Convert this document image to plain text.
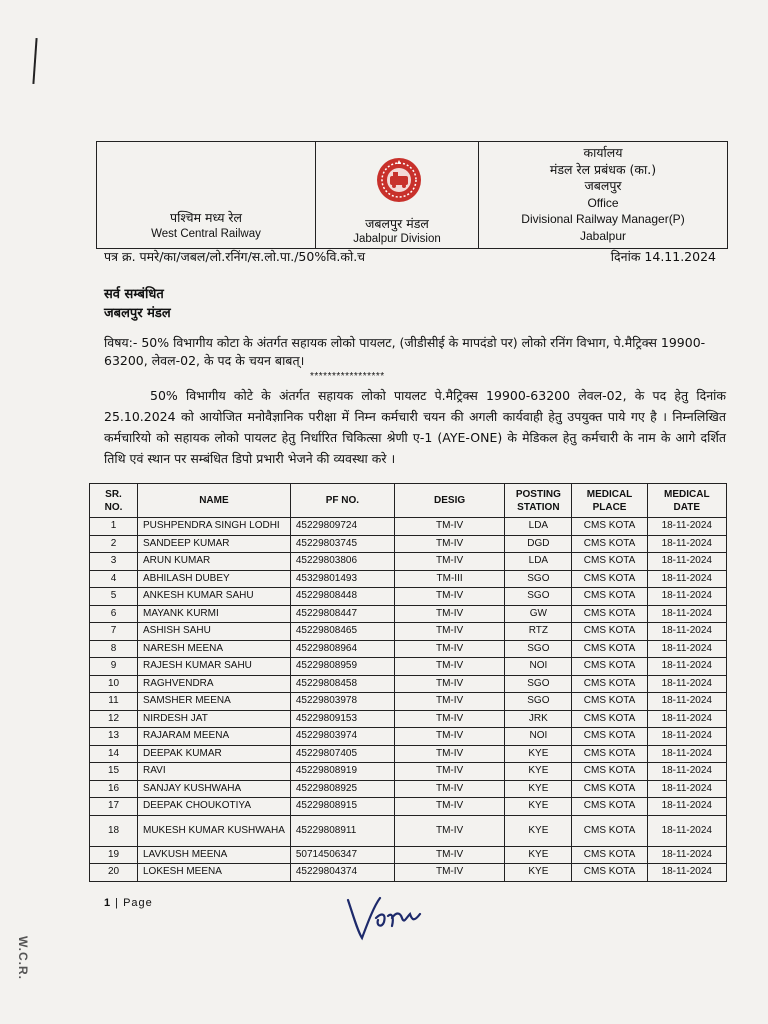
पश्चिम मध्य रेल
West Central Railway
जबलपुर मंडल
Jabalpur Division
कार्यालय
मंडल रेल प्रबंधक (का.)
जबलपुर
Office
Divisional Railway Manager(P)
Jabalpur
पत्र क्र. पमरे/का/जबल/लो.रनिंग/स.लो.पा./50%वि.को.च	दिनांक 14.11.2024
सर्व सम्बंधित
जबलपुर मंडल
विषय:- 50% विभागीय कोटा के अंतर्गत सहायक लोको पायलट, (जीडीसीई के मापदंडो पर) लोको रनिंग विभाग, पे.मैट्रिक्स 19900-63200, लेवल-02, के पद के चयन बाबत्।
*****************
50% विभागीय कोटे के अंतर्गत सहायक लोको पायलट पे.मैट्रिक्स 19900-63200 लेवल-02, के पद हेतु दिनांक 25.10.2024 को आयोजित मनोवैज्ञानिक परीक्षा में निम्न कर्मचारी चयन की अगली कार्यवाही हेतु उपयुक्त पाये गए है । निम्नलिखित कर्मचारियो को सहायक लोको पायलट हेतु निर्धारित चिकित्सा श्रेणी ए-1 (AYE-ONE) के मेडिकल हेतु कर्मचारी के नाम के आगे दर्शित तिथि एवं स्थान पर सम्बंधित डिपो प्रभारी भेजने की व्यवस्था करे ।
SR. NO.	NAME	PF NO.	DESIG	POSTING STATION	MEDICAL PLACE	MEDICAL DATE
1	PUSHPENDRA SINGH LODHI	45229809724	TM-IV	LDA	CMS KOTA	18-11-2024
2	SANDEEP KUMAR	45229803745	TM-IV	DGD	CMS KOTA	18-11-2024
3	ARUN KUMAR	45229803806	TM-IV	LDA	CMS KOTA	18-11-2024
4	ABHILASH DUBEY	45329801493	TM-III	SGO	CMS KOTA	18-11-2024
5	ANKESH KUMAR SAHU	45229808448	TM-IV	SGO	CMS KOTA	18-11-2024
6	MAYANK KURMI	45229808447	TM-IV	GW	CMS KOTA	18-11-2024
7	ASHISH SAHU	45229808465	TM-IV	RTZ	CMS KOTA	18-11-2024
8	NARESH MEENA	45229808964	TM-IV	SGO	CMS KOTA	18-11-2024
9	RAJESH KUMAR SAHU	45229808959	TM-IV	NOI	CMS KOTA	18-11-2024
10	RAGHVENDRA	45229808458	TM-IV	SGO	CMS KOTA	18-11-2024
11	SAMSHER MEENA	45229803978	TM-IV	SGO	CMS KOTA	18-11-2024
12	NIRDESH JAT	45229809153	TM-IV	JRK	CMS KOTA	18-11-2024
13	RAJARAM MEENA	45229803974	TM-IV	NOI	CMS KOTA	18-11-2024
14	DEEPAK KUMAR	45229807405	TM-IV	KYE	CMS KOTA	18-11-2024
15	RAVI	45229808919	TM-IV	KYE	CMS KOTA	18-11-2024
16	SANJAY KUSHWAHA	45229808925	TM-IV	KYE	CMS KOTA	18-11-2024
17	DEEPAK CHOUKOTIYA	45229808915	TM-IV	KYE	CMS KOTA	18-11-2024
18	MUKESH KUMAR KUSHWAHA	45229808911	TM-IV	KYE	CMS KOTA	18-11-2024
19	LAVKUSH MEENA	50714506347	TM-IV	KYE	CMS KOTA	18-11-2024
20	LOKESH MEENA	45229804374	TM-IV	KYE	CMS KOTA	18-11-2024
1 | Page
W.C.R.
